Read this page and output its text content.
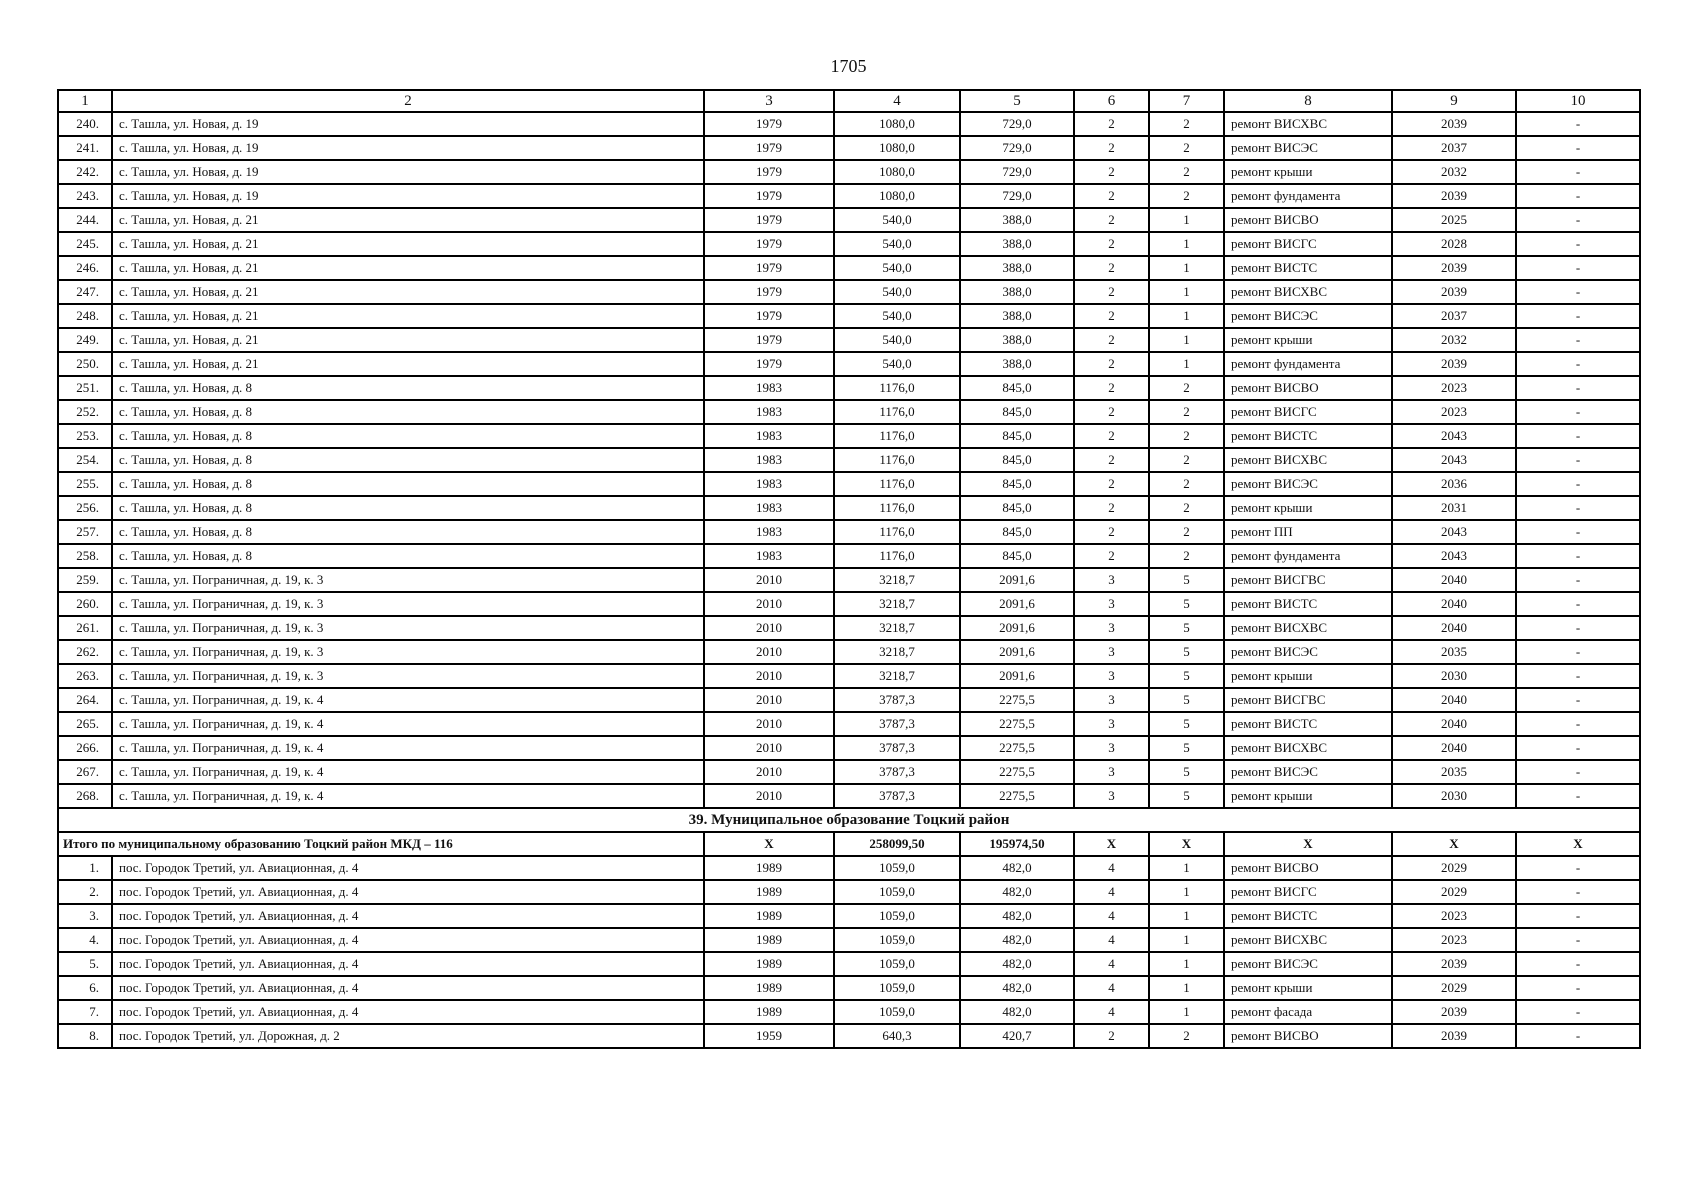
1705
1	2	3	4	5	6	7	8	9	10
240.	с. Ташла, ул. Новая, д. 19	1979	1080,0	729,0	2	2	ремонт ВИСХВС	2039	-
241.	с. Ташла, ул. Новая, д. 19	1979	1080,0	729,0	2	2	ремонт ВИСЭС	2037	-
242.	с. Ташла, ул. Новая, д. 19	1979	1080,0	729,0	2	2	ремонт крыши	2032	-
243.	с. Ташла, ул. Новая, д. 19	1979	1080,0	729,0	2	2	ремонт фундамента	2039	-
244.	с. Ташла, ул. Новая, д. 21	1979	540,0	388,0	2	1	ремонт ВИСВО	2025	-
245.	с. Ташла, ул. Новая, д. 21	1979	540,0	388,0	2	1	ремонт ВИСГС	2028	-
246.	с. Ташла, ул. Новая, д. 21	1979	540,0	388,0	2	1	ремонт ВИСТС	2039	-
247.	с. Ташла, ул. Новая, д. 21	1979	540,0	388,0	2	1	ремонт ВИСХВС	2039	-
248.	с. Ташла, ул. Новая, д. 21	1979	540,0	388,0	2	1	ремонт ВИСЭС	2037	-
249.	с. Ташла, ул. Новая, д. 21	1979	540,0	388,0	2	1	ремонт крыши	2032	-
250.	с. Ташла, ул. Новая, д. 21	1979	540,0	388,0	2	1	ремонт фундамента	2039	-
251.	с. Ташла, ул. Новая, д. 8	1983	1176,0	845,0	2	2	ремонт ВИСВО	2023	-
252.	с. Ташла, ул. Новая, д. 8	1983	1176,0	845,0	2	2	ремонт ВИСГС	2023	-
253.	с. Ташла, ул. Новая, д. 8	1983	1176,0	845,0	2	2	ремонт ВИСТС	2043	-
254.	с. Ташла, ул. Новая, д. 8	1983	1176,0	845,0	2	2	ремонт ВИСХВС	2043	-
255.	с. Ташла, ул. Новая, д. 8	1983	1176,0	845,0	2	2	ремонт ВИСЭС	2036	-
256.	с. Ташла, ул. Новая, д. 8	1983	1176,0	845,0	2	2	ремонт крыши	2031	-
257.	с. Ташла, ул. Новая, д. 8	1983	1176,0	845,0	2	2	ремонт ПП	2043	-
258.	с. Ташла, ул. Новая, д. 8	1983	1176,0	845,0	2	2	ремонт фундамента	2043	-
259.	с. Ташла, ул. Пограничная, д. 19, к. 3	2010	3218,7	2091,6	3	5	ремонт ВИСГВС	2040	-
260.	с. Ташла, ул. Пограничная, д. 19, к. 3	2010	3218,7	2091,6	3	5	ремонт ВИСТС	2040	-
261.	с. Ташла, ул. Пограничная, д. 19, к. 3	2010	3218,7	2091,6	3	5	ремонт ВИСХВС	2040	-
262.	с. Ташла, ул. Пограничная, д. 19, к. 3	2010	3218,7	2091,6	3	5	ремонт ВИСЭС	2035	-
263.	с. Ташла, ул. Пограничная, д. 19, к. 3	2010	3218,7	2091,6	3	5	ремонт крыши	2030	-
264.	с. Ташла, ул. Пограничная, д. 19, к. 4	2010	3787,3	2275,5	3	5	ремонт ВИСГВС	2040	-
265.	с. Ташла, ул. Пограничная, д. 19, к. 4	2010	3787,3	2275,5	3	5	ремонт ВИСТС	2040	-
266.	с. Ташла, ул. Пограничная, д. 19, к. 4	2010	3787,3	2275,5	3	5	ремонт ВИСХВС	2040	-
267.	с. Ташла, ул. Пограничная, д. 19, к. 4	2010	3787,3	2275,5	3	5	ремонт ВИСЭС	2035	-
268.	с. Ташла, ул. Пограничная, д. 19, к. 4	2010	3787,3	2275,5	3	5	ремонт крыши	2030	-
39. Муниципальное образование Тоцкий район									
Итого по муниципальному образованию Тоцкий район МКД – 116		X	258099,50	195974,50	X	X	X	X	X
1.	пос. Городок Третий, ул. Авиационная, д. 4	1989	1059,0	482,0	4	1	ремонт ВИСВО	2029	-
2.	пос. Городок Третий, ул. Авиационная, д. 4	1989	1059,0	482,0	4	1	ремонт ВИСГС	2029	-
3.	пос. Городок Третий, ул. Авиационная, д. 4	1989	1059,0	482,0	4	1	ремонт ВИСТС	2023	-
4.	пос. Городок Третий, ул. Авиационная, д. 4	1989	1059,0	482,0	4	1	ремонт ВИСХВС	2023	-
5.	пос. Городок Третий, ул. Авиационная, д. 4	1989	1059,0	482,0	4	1	ремонт ВИСЭС	2039	-
6.	пос. Городок Третий, ул. Авиационная, д. 4	1989	1059,0	482,0	4	1	ремонт крыши	2029	-
7.	пос. Городок Третий, ул. Авиационная, д. 4	1989	1059,0	482,0	4	1	ремонт фасада	2039	-
8.	пос. Городок Третий, ул. Дорожная, д. 2	1959	640,3	420,7	2	2	ремонт ВИСВО	2039	-
